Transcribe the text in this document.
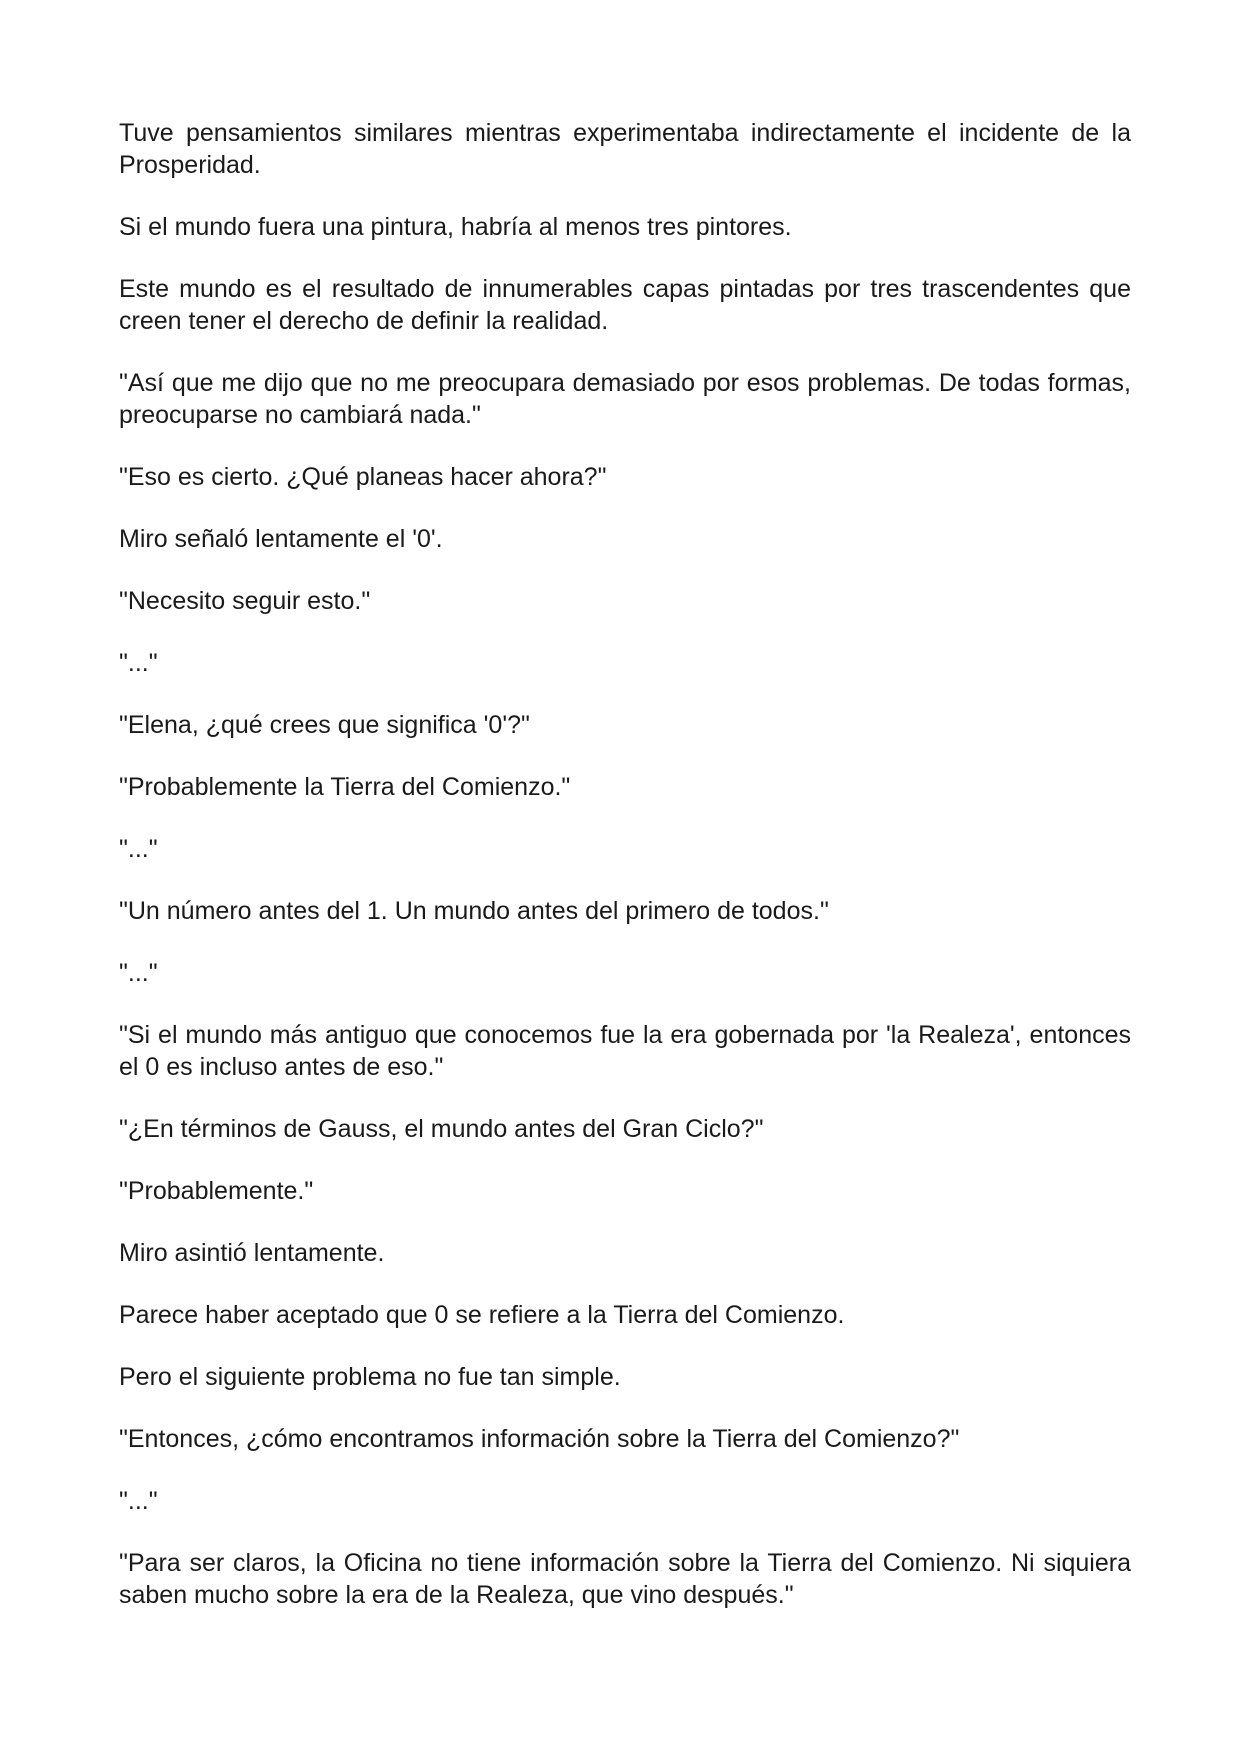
Tuve pensamientos similares mientras experimentaba indirectamente el incidente de la Prosperidad.

Si el mundo fuera una pintura, habría al menos tres pintores.

Este mundo es el resultado de innumerables capas pintadas por tres trascendentes que creen tener el derecho de definir la realidad.

"Así que me dijo que no me preocupara demasiado por esos problemas. De todas formas, preocuparse no cambiará nada."

"Eso es cierto. ¿Qué planeas hacer ahora?"

Miro señaló lentamente el '0'.

"Necesito seguir esto."

"..."

"Elena, ¿qué crees que significa '0'?"

"Probablemente la Tierra del Comienzo."

"..."

"Un número antes del 1. Un mundo antes del primero de todos."

"..."

"Si el mundo más antiguo que conocemos fue la era gobernada por 'la Realeza', entonces el 0 es incluso antes de eso."

"¿En términos de Gauss, el mundo antes del Gran Ciclo?"

"Probablemente."

Miro asintió lentamente.

Parece haber aceptado que 0 se refiere a la Tierra del Comienzo.

Pero el siguiente problema no fue tan simple.

"Entonces, ¿cómo encontramos información sobre la Tierra del Comienzo?"

"..."

"Para ser claros, la Oficina no tiene información sobre la Tierra del Comienzo. Ni siquiera saben mucho sobre la era de la Realeza, que vino después."
